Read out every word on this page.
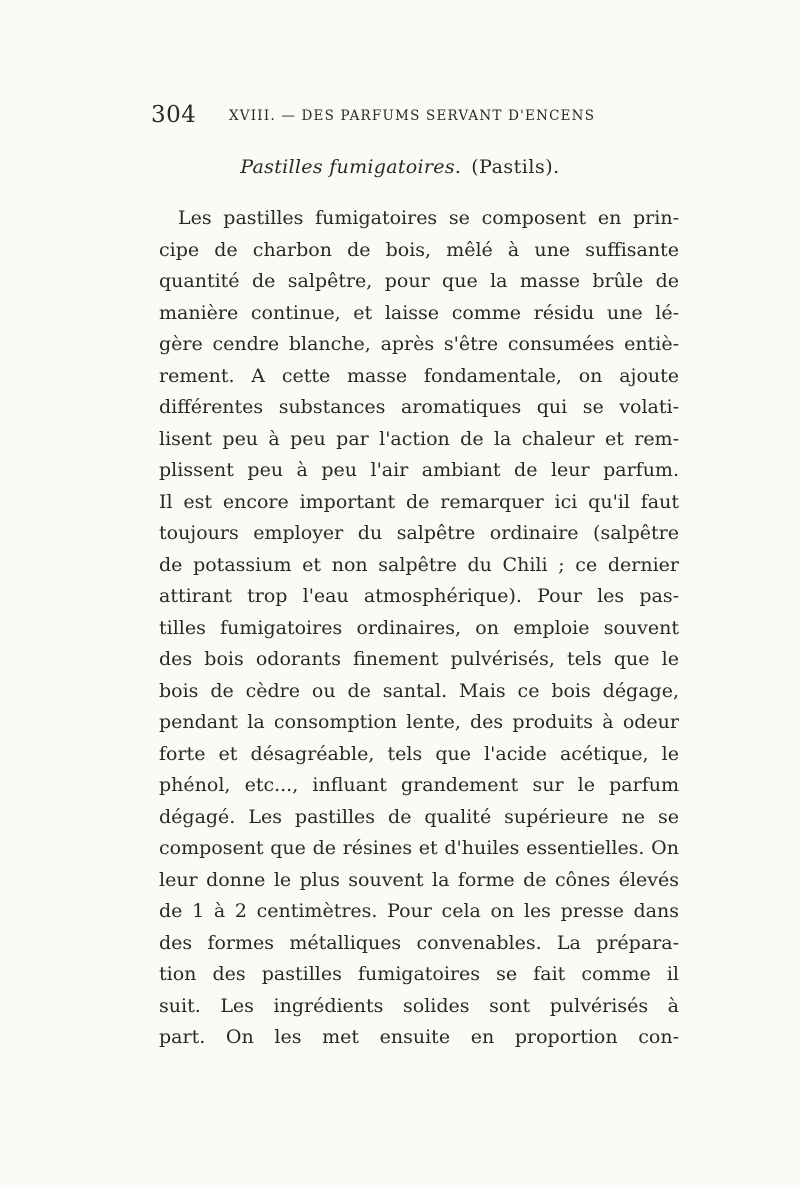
304 XVIII. — DES PARFUMS SERVANT D'ENCENS
Pastilles fumigatoires. (Pastils).
Les pastilles fumigatoires se composent en prin-
cipe de charbon de bois, mêlé à une suffisante
quantité de salpêtre, pour que la masse brûle de
manière continue, et laisse comme résidu une lé-
gère cendre blanche, après s'être consumées entiè-
rement. A cette masse fondamentale, on ajoute
différentes substances aromatiques qui se volati-
lisent peu à peu par l'action de la chaleur et rem-
plissent peu à peu l'air ambiant de leur parfum.
Il est encore important de remarquer ici qu'il faut
toujours employer du salpêtre ordinaire (salpêtre
de potassium et non salpêtre du Chili ; ce dernier
attirant trop l'eau atmosphérique). Pour les pas-
tilles fumigatoires ordinaires, on emploie souvent
des bois odorants finement pulvérisés, tels que le
bois de cèdre ou de santal. Mais ce bois dégage,
pendant la consomption lente, des produits à odeur
forte et désagréable, tels que l'acide acétique, le
phénol, etc..., influant grandement sur le parfum
dégagé. Les pastilles de qualité supérieure ne se
composent que de résines et d'huiles essentielles. On
leur donne le plus souvent la forme de cônes élevés
de 1 à 2 centimètres. Pour cela on les presse dans
des formes métalliques convenables. La prépara-
tion des pastilles fumigatoires se fait comme il
suit. Les ingrédients solides sont pulvérisés à
part. On les met ensuite en proportion con-
